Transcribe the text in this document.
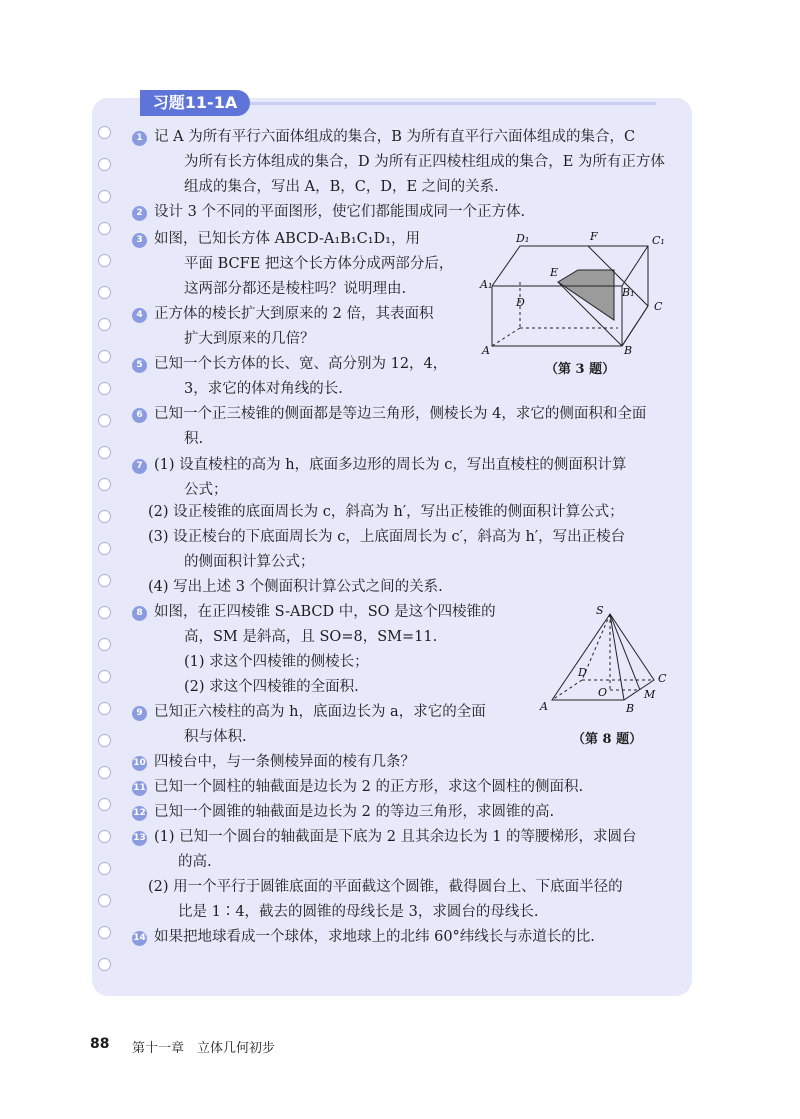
习题11-1A
1 记 A 为所有平行六面体组成的集合，B 为所有直平行六面体组成的集合，C
为所有长方体组成的集合，D 为所有正四棱柱组成的集合，E 为所有正方体
组成的集合，写出 A，B，C，D，E 之间的关系.
2 设计 3 个不同的平面图形，使它们都能围成同一个正方体.
3 如图，已知长方体 ABCD-A₁B₁C₁D₁，用
平面 BCFE 把这个长方体分成两部分后，
这两部分都还是棱柱吗？说明理由.
4 正方体的棱长扩大到原来的 2 倍，其表面积
扩大到原来的几倍？
5 已知一个长方体的长、宽、高分别为 12，4，
3，求它的体对角线的长.
6 已知一个正三棱锥的侧面都是等边三角形，侧棱长为 4，求它的侧面积和全面
积.
7 (1) 设直棱柱的高为 h，底面多边形的周长为 c，写出直棱柱的侧面积计算
公式；
(2) 设正棱锥的底面周长为 c，斜高为 h′，写出正棱锥的侧面积计算公式；
(3) 设正棱台的下底面周长为 c，上底面周长为 c′，斜高为 h′，写出正棱台
的侧面积计算公式；
(4) 写出上述 3 个侧面积计算公式之间的关系.
8 如图，在正四棱锥 S-ABCD 中，SO 是这个四棱锥的
高，SM 是斜高，且 SO=8，SM=11.
(1) 求这个四棱锥的侧棱长；
(2) 求这个四棱锥的全面积.
9 已知正六棱柱的高为 h，底面边长为 a，求它的全面
积与体积.
10 四棱台中，与一条侧棱异面的棱有几条？
11 已知一个圆柱的轴截面是边长为 2 的正方形，求这个圆柱的侧面积.
12 已知一个圆锥的轴截面是边长为 2 的等边三角形，求圆锥的高.
13 (1) 已知一个圆台的轴截面是下底为 2 且其余边长为 1 的等腰梯形，求圆台
的高.
(2) 用一个平行于圆锥底面的平面截这个圆锥，截得圆台上、下底面半径的
比是 1∶4，截去的圆锥的母线长是 3，求圆台的母线长.
14 如果把地球看成一个球体，求地球上的北纬 60°纬线长与赤道长的比.
D₁	F	C₁
A₁
E
B₁
D	C
A	B
（第 3 题）
S
D
O
C
M
A	B
（第 8 题）
88 第十一章　立体几何初步
